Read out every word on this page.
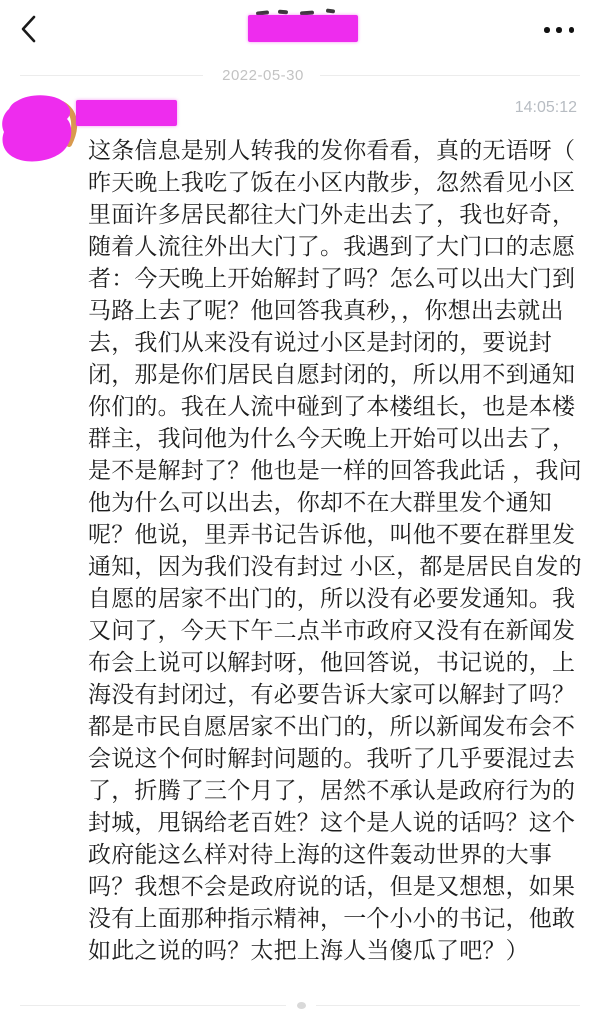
2022-05-30
14:05:12
这条信息是别人转我的发你看看，真的无语呀（
昨天晚上我吃了饭在小区内散步，忽然看见小区
里面许多居民都往大门外走出去了，我也好奇，
随着人流往外出大门了。我遇到了大门口的志愿
者：今天晚上开始解封了吗？怎么可以出大门到
马路上去了呢？他回答我真秒，，你想出去就出
去，我们从来没有说过小区是封闭的，要说封
闭，那是你们居民自愿封闭的，所以用不到通知
你们的。我在人流中碰到了本楼组长，也是本楼
群主，我问他为什么今天晚上开始可以出去了，
是不是解封了？他也是一样的回答我此话 ，我问
他为什么可以出去，你却不在大群里发个通知
呢？他说，里弄书记告诉他，叫他不要在群里发
通知，因为我们没有封过 小区，都是居民自发的
自愿的居家不出门的，所以没有必要发通知。我
又问了，今天下午二点半市政府又没有在新闻发
布会上说可以解封呀，他回答说，书记说的，上
海没有封闭过，有必要告诉大家可以解封了吗？
都是市民自愿居家不出门的，所以新闻发布会不
会说这个何时解封问题的。我听了几乎要混过去
了，折腾了三个月了，居然不承认是政府行为的
封城，甩锅给老百姓？这个是人说的话吗？这个
政府能这么样对待上海的这件轰动世界的大事
吗？我想不会是政府说的话，但是又想想，如果
没有上面那种指示精神，一个小小的书记，他敢
如此之说的吗？太把上海人当傻瓜了吧？）
